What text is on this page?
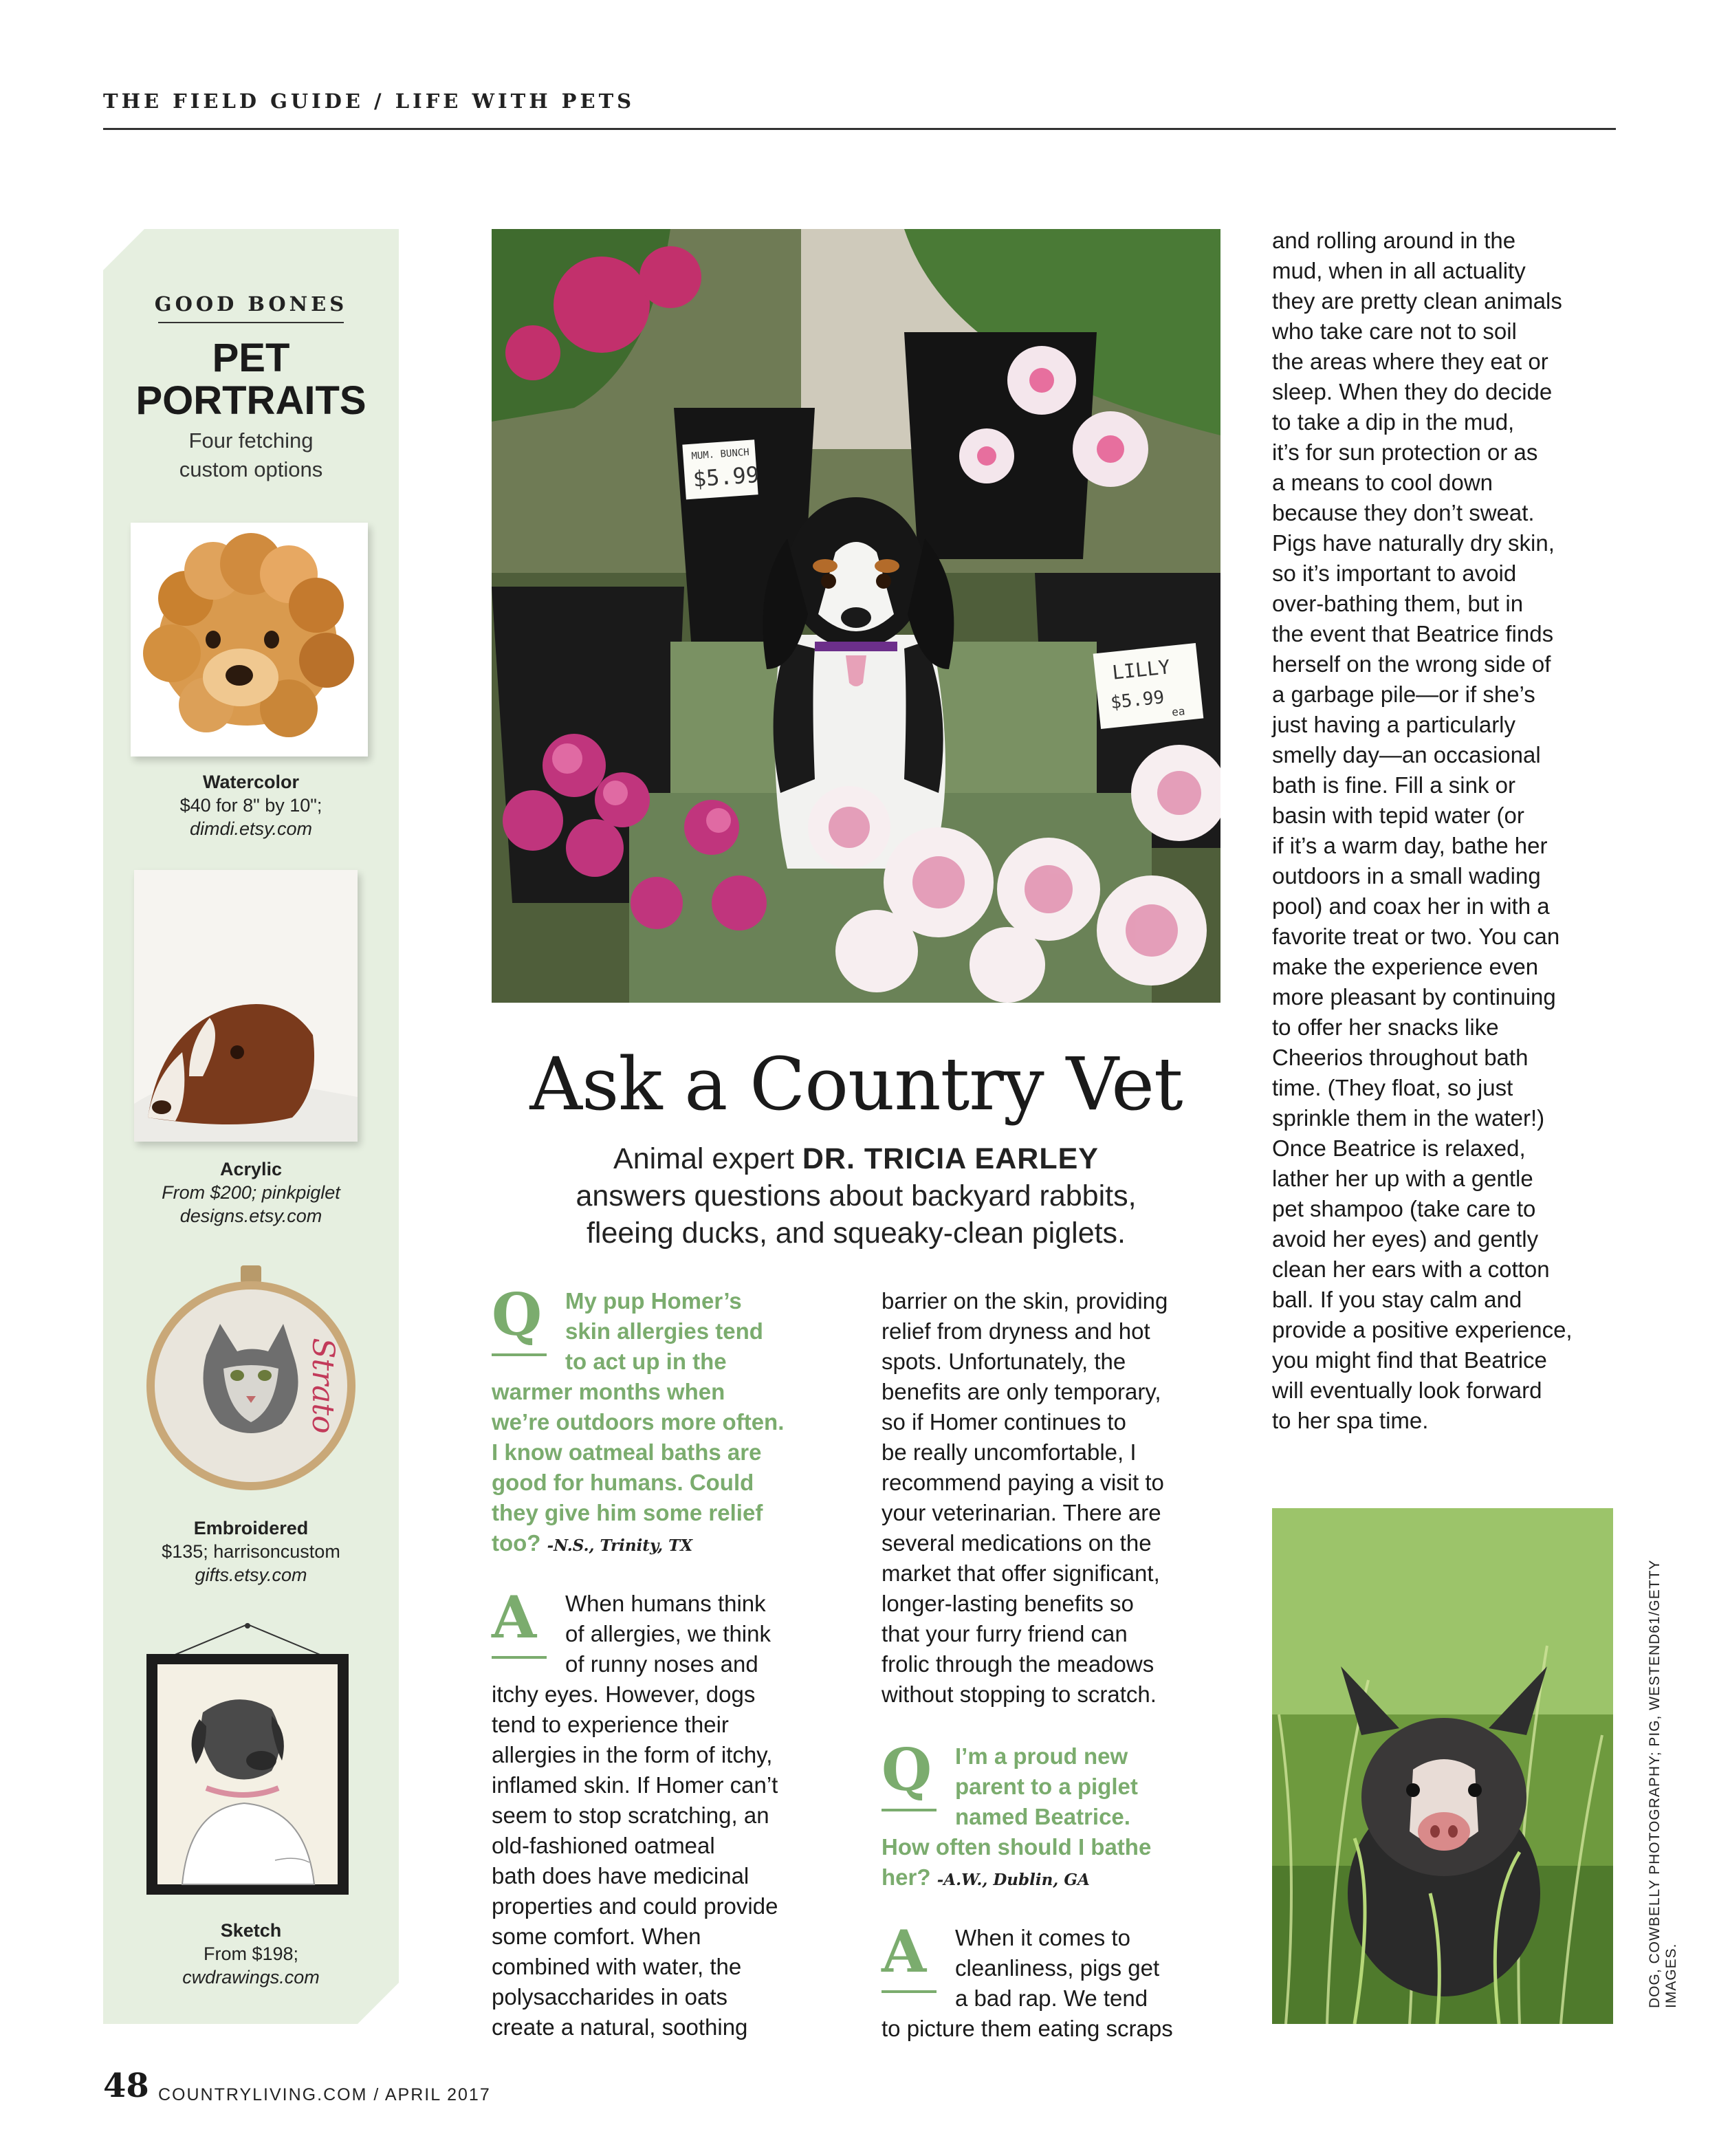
THE FIELD GUIDE / LIFE WITH PETS
GOOD BONES
PET
PORTRAITS
Four fetching
custom options
Watercolor
$40 for 8" by 10";
dimdi.etsy.com
Acrylic
From $200; pinkpiglet
designs.etsy.com
Strato
Embroidered
$135; harrisoncustom
gifts.etsy.com
Sketch
From $198;
cwdrawings.com
MUM. BUNCH
$5.99
LILLY
$5.99 ea
Ask a Country Vet
Animal expert DR. TRICIA EARLEY
answers questions about backyard rabbits,
fleeing ducks, and squeaky-clean piglets.
Q My pup Homer’s
skin allergies tend
to act up in the
warmer months when
we’re outdoors more often.
I know oatmeal baths are
good for humans. Could
they give him some relief
too? -N.S., Trinity, TX
A When humans think
of allergies, we think
of runny noses and
itchy eyes. However, dogs
tend to experience their
allergies in the form of itchy,
inflamed skin. If Homer can’t
seem to stop scratching, an
old-fashioned oatmeal
bath does have medicinal
properties and could provide
some comfort. When
combined with water, the
polysaccharides in oats
create a natural, soothing
barrier on the skin, providing
relief from dryness and hot
spots. Unfortunately, the
benefits are only temporary,
so if Homer continues to
be really uncomfortable, I
recommend paying a visit to
your veterinarian. There are
several medications on the
market that offer significant,
longer-lasting benefits so
that your furry friend can
frolic through the meadows
without stopping to scratch.
Q I’m a proud new
parent to a piglet
named Beatrice.
How often should I bathe
her? -A.W., Dublin, GA
A When it comes to
cleanliness, pigs get
a bad rap. We tend
to picture them eating scraps
and rolling around in the
mud, when in all actuality
they are pretty clean animals
who take care not to soil
the areas where they eat or
sleep. When they do decide
to take a dip in the mud,
it’s for sun protection or as
a means to cool down
because they don’t sweat.
Pigs have naturally dry skin,
so it’s important to avoid
over-bathing them, but in
the event that Beatrice finds
herself on the wrong side of
a garbage pile—or if she’s
just having a particularly
smelly day—an occasional
bath is fine. Fill a sink or
basin with tepid water (or
if it’s a warm day, bathe her
outdoors in a small wading
pool) and coax her in with a
favorite treat or two. You can
make the experience even
more pleasant by continuing
to offer her snacks like
Cheerios throughout bath
time. (They float, so just
sprinkle them in the water!)
Once Beatrice is relaxed,
lather her up with a gentle
pet shampoo (take care to
avoid her eyes) and gently
clean her ears with a cotton
ball. If you stay calm and
provide a positive experience,
you might find that Beatrice
will eventually look forward
to her spa time.
DOG, COWBELLY PHOTOGRAPHY; PIG, WESTEND61/GETTY IMAGES.
48 COUNTRYLIVING.COM / APRIL 2017
